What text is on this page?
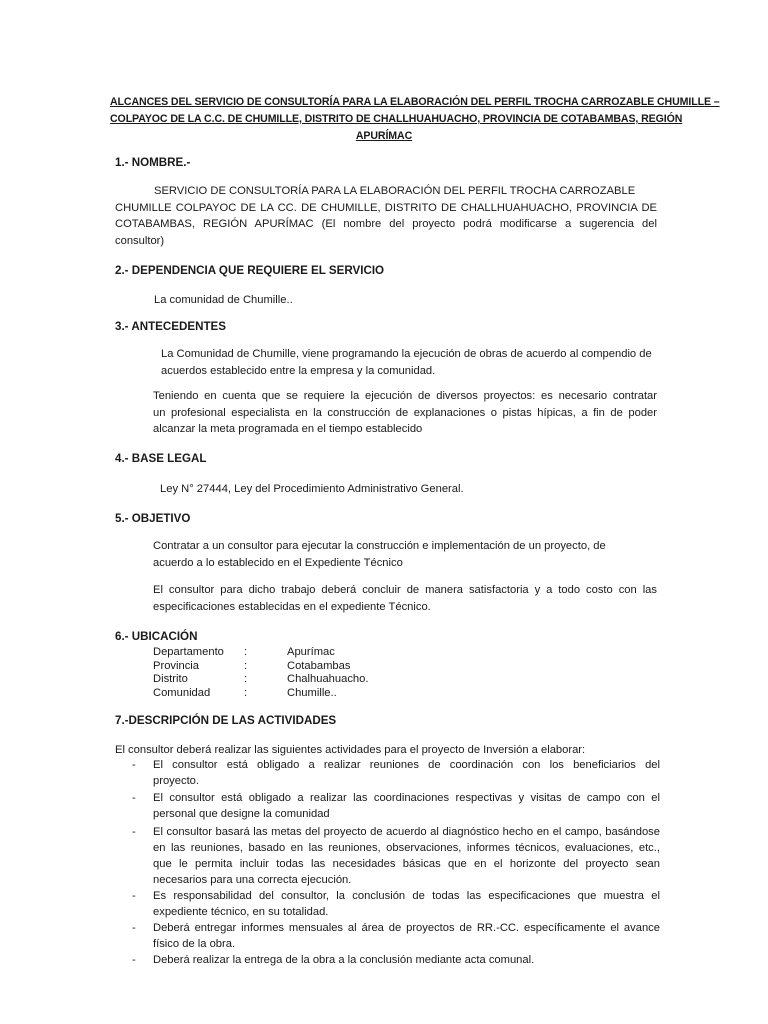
ALCANCES DEL SERVICIO DE CONSULTORÍA PARA LA ELABORACIÓN DEL PERFIL TROCHA CARROZABLE CHUMILLE –
COLPAYOC DE LA C.C. DE CHUMILLE, DISTRITO DE CHALLHUAHUACHO, PROVINCIA DE COTABAMBAS, REGIÓN
APURÍMAC
1.- NOMBRE.-
SERVICIO DE CONSULTORÍA PARA LA ELABORACIÓN DEL PERFIL TROCHA CARROZABLE
CHUMILLE COLPAYOC DE LA CC. DE CHUMILLE, DISTRITO DE CHALLHUAHUACHO, PROVINCIA DE
COTABAMBAS, REGIÓN APURÍMAC (El nombre del proyecto podrá modificarse a sugerencia del
consultor)
2.- DEPENDENCIA QUE REQUIERE EL SERVICIO
La comunidad de Chumille..
3.- ANTECEDENTES
La Comunidad de Chumille, viene programando la ejecución de obras de acuerdo al compendio de
acuerdos establecido entre la empresa y la comunidad.
Teniendo en cuenta que se requiere la ejecución de diversos proyectos: es necesario contratar
un profesional especialista en la construcción de explanaciones o pistas hípicas, a fin de poder
alcanzar la meta programada en el tiempo establecido
4.- BASE LEGAL
Ley N° 27444, Ley del Procedimiento Administrativo General.
5.- OBJETIVO
Contratar a un consultor para ejecutar la construcción e implementación de un proyecto, de
acuerdo a lo establecido en el Expediente Técnico
El consultor para dicho trabajo deberá concluir de manera satisfactoria y a todo costo con las
especificaciones establecidas en el expediente Técnico.
6.- UBICACIÓN
Departamento :	Apurímac
Provincia	:	Cotabambas
Distrito	:	Chalhuahuacho.
Comunidad	:	Chumille..
7.-DESCRIPCIÓN DE LAS ACTIVIDADES
El consultor deberá realizar las siguientes actividades para el proyecto de Inversión a elaborar:
- El consultor está obligado a realizar reuniones de coordinación con los beneficiarios del
proyecto.
- El consultor está obligado a realizar las coordinaciones respectivas y visitas de campo con el
personal que designe la comunidad
- El consultor basará las metas del proyecto de acuerdo al diagnóstico hecho en el campo, basándose
en las reuniones, basado en las reuniones, observaciones, informes técnicos, evaluaciones, etc.,
que le permita incluir todas las necesidades básicas que en el horizonte del proyecto sean
necesarios para una correcta ejecución.
- Es responsabilidad del consultor, la conclusión de todas las especificaciones que muestra el
expediente técnico, en su totalidad.
- Deberá entregar informes mensuales al área de proyectos de RR.-CC. específicamente el avance
físico de la obra.
- Deberá realizar la entrega de la obra a la conclusión mediante acta comunal.
